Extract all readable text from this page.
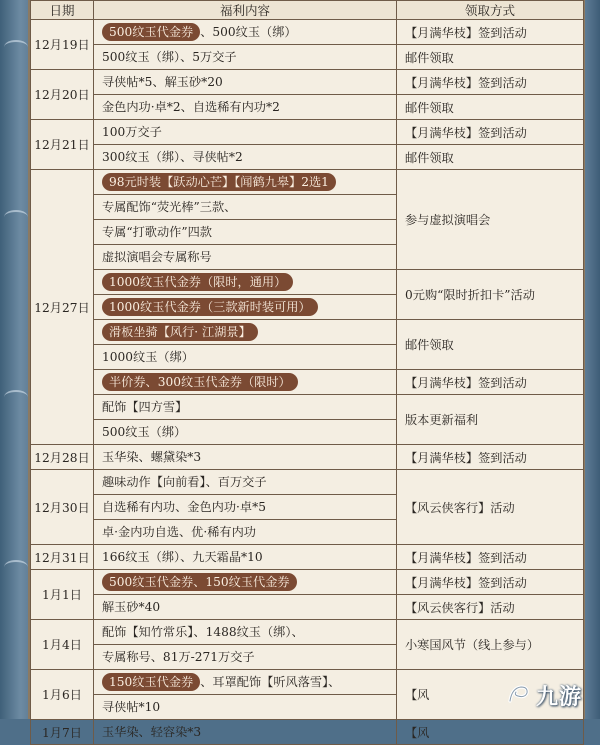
日期	福利内容	领取方式
12月19日	500纹玉代金券 、500纹玉（绑）	【月满华枝】签到活动

	500纹玉（绑）、5万交子	邮件领取
12月20日	寻侠帖*5、解玉砂*20	【月满华枝】签到活动

	金色内功·卓*2、自选稀有内功*2	邮件领取
12月21日	100万交子	【月满华枝】签到活动

	300纹玉（绑）、寻侠帖*2	邮件领取
12月27日	98元时装【跃动心芒】【闻鹤九皋】2选1	参与虚拟演唱会

	专属配饰“荧光棒”三款、	

	专属“打歌动作”四款	

	虚拟演唱会专属称号	

	1000纹玉代金券（限时，通用）	0元购“限时折扣卡”活动

	1000纹玉代金券（三款新时装可用）	

	滑板坐骑【风行· 江湖景】	邮件领取

	1000纹玉（绑）	

	半价券、300纹玉代金券（限时）	【月满华枝】签到活动

	配饰【四方雪】	版本更新福利

	500纹玉（绑）	

12月28日	玉华染、螺黛染*3	【月满华枝】签到活动
12月30日	趣味动作【向前看】、百万交子	【风云侠客行】活动

	自选稀有内功、金色内功·卓*5	

	卓·金内功自选、优·稀有内功	

12月31日	166纹玉（绑）、九天霜晶*10	【月满华枝】签到活动
1月1日	500纹玉代金券、150纹玉代金券	【月满华枝】签到活动

	解玉砂*40	【风云侠客行】活动
1月4日	配饰【知竹常乐】、1488纹玉（绑）、	小寒国风节（线上参与）

	专属称号、81万-271万交子	

1月6日	150纹玉代金券 、耳罩配饰【听风落雪】、	【风

	寻侠帖*10	

1月7日	玉华染、轻容染*3	【风
九游
